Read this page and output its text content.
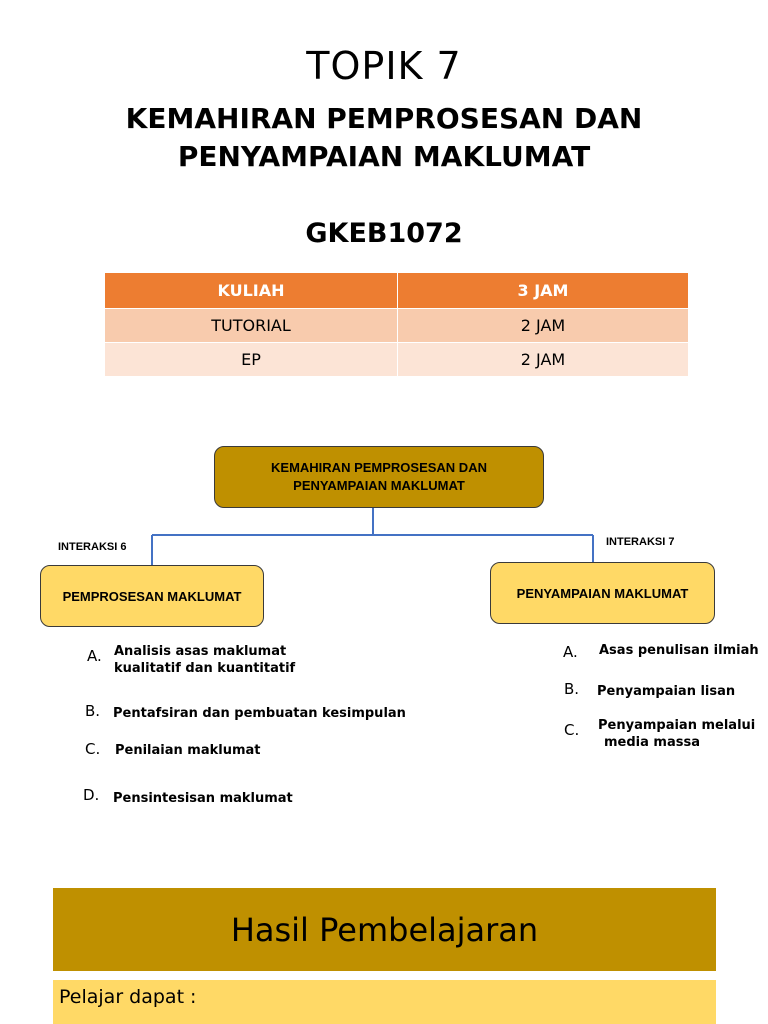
TOPIK 7
KEMAHIRAN PEMPROSESAN DAN
PENYAMPAIAN MAKLUMAT
GKEB1072
KULIAH	3 JAM
TUTORIAL	2 JAM
EP	2 JAM
KEMAHIRAN PEMPROSESAN DAN
PENYAMPAIAN MAKLUMAT
INTERAKSI 6	INTERAKSI 7
PEMPROSESAN MAKLUMAT	PENYAMPAIAN MAKLUMAT
A. Analisis asas maklumat
kualitatif dan kuantitatif
B. Pentafsiran dan pembuatan kesimpulan
C. Penilaian maklumat
D. Pensintesisan maklumat
A. Asas penulisan ilmiah
B. Penyampaian lisan
C. Penyampaian melalui
media massa
Hasil Pembelajaran
Pelajar dapat :
